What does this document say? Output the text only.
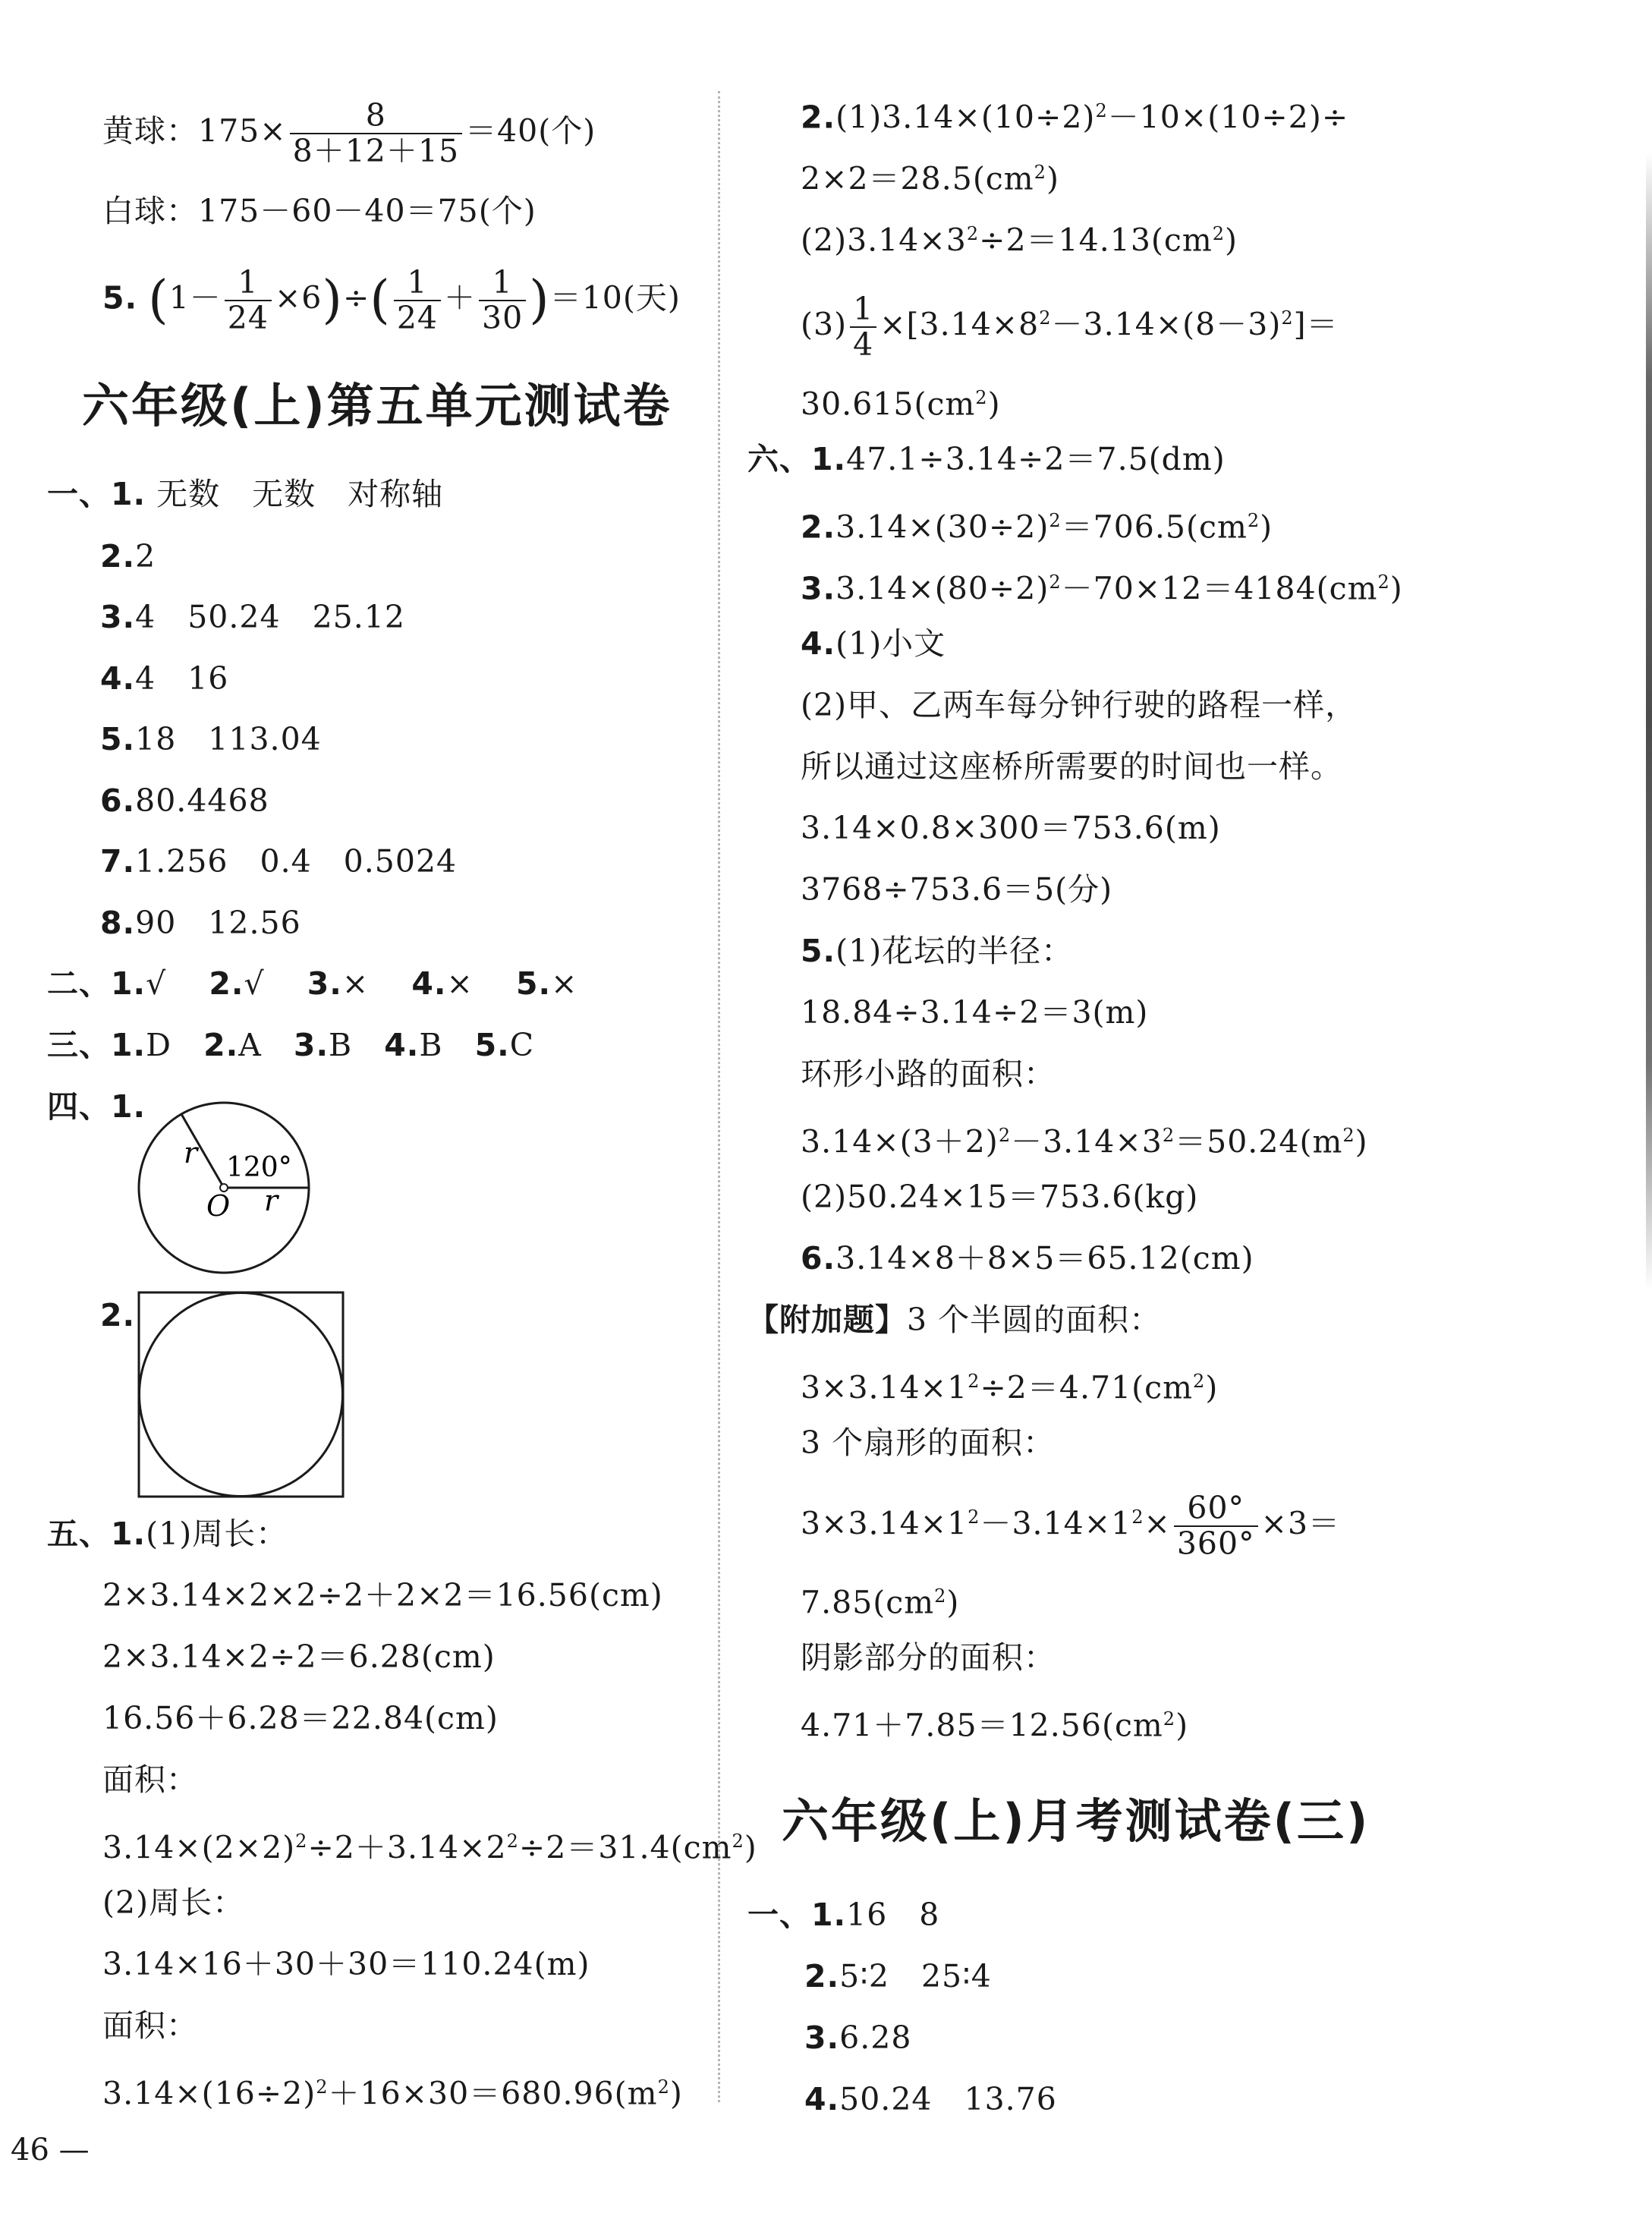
黄球：$175\times \frac{8}{8+12+15} =40$(个)
白球：175－60－40＝75(个)
5. $(1- \frac{1}{24} \times 6)\div( \frac{1}{24} + \frac{1}{30} )=10$(天)
六年级(上)第五单元测试卷
一、1. 无数　无数　对称轴
2.2
3.4　50.24　25.12
4.4　16
5.18　113.04
6.80.4468
7.1.256　0.4　0.5024
8.90　12.56
二、1.√ 2.√ 3.× 4.× 5.×
三、1.D 2.A 3.B 4.B 5.C
四、1.
r 120°
O r
2.
五、1.(1)周长：
2×3.14×2×2÷2＋2×2＝16.56(cm)
2×3.14×2÷2＝6.28(cm)
16.56＋6.28＝22.84(cm)
面积：
$3.14\times(2\times 2)^2\div 2+3.14\times 2^2\div 2=31.4(cm^2)$
(2)周长：
3.14×16＋30＋30＝110.24(m)
面积：
$3.14\times(16\div 2)^2+16\times 30=680.96(m^2)$
$2.(1)3.14\times(10\div 2)^2-10\times(10\div 2)\div$
$2\times 2=28.5(cm^2)$
$(2)3.14\times 3^2\div 2=14.13(cm^2)$
$(3) \frac{1}{4} \times[3.14\times 8^2-3.14\times(8-3)^2]=$
$30.615(cm^2)$
六、1.47.1÷3.14÷2＝7.5(dm)
$2.3.14\times(30\div 2)^2=706.5(cm^2)$
$3.3.14\times(80\div 2)^2-70\times 12=4184(cm^2)$
4.(1)小文
(2)甲、乙两车每分钟行驶的路程一样，
所以通过这座桥所需要的时间也一样。
3.14×0.8×300＝753.6(m)
3768÷753.6＝5(分)
5.(1)花坛的半径：
18.84÷3.14÷2＝3(m)
环形小路的面积：
$3.14\times(3+2)^2-3.14\times 3^2=50.24(m^2)$
(2)50.24×15＝753.6(kg)
6.3.14×8＋8×5＝65.12(cm)
【附加题】3 个半圆的面积：
$3\times 3.14\times 1^2\div 2=4.71(cm^2)$
3 个扇形的面积：
$3\times 3.14\times 1^2-3.14\times 1^2\times \frac{60^\circ}{360^\circ} \times 3=$
$7.85(cm^2)$
阴影部分的面积：
$4.71+7.85=12.56(cm^2)$
六年级(上)月考测试卷(三)
一、1.16　8
2.5∶2　25∶4
3.6.28
4.50.24　13.76
46 —
